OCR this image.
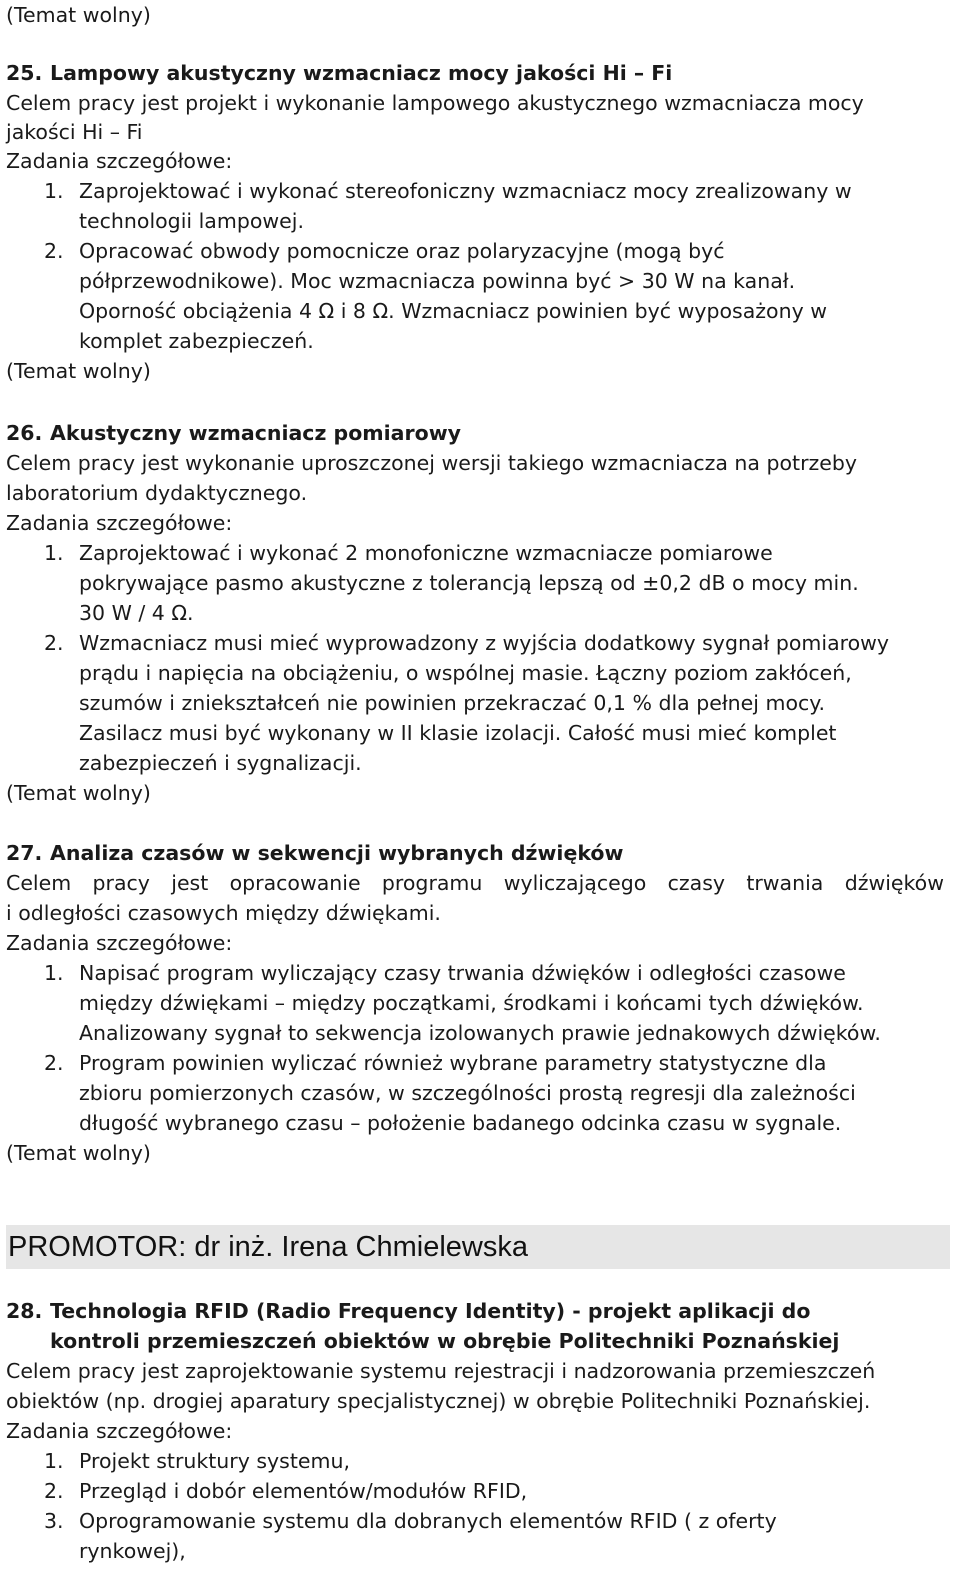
(Temat wolny)
25. Lampowy akustyczny wzmacniacz mocy jakości Hi – Fi
Celem pracy jest projekt i wykonanie lampowego akustycznego wzmacniacza mocy
jakości Hi – Fi
Zadania szczegółowe:
1. Zaprojektować i wykonać stereofoniczny wzmacniacz mocy zrealizowany w
technologii lampowej.
2. Opracować obwody pomocnicze oraz polaryzacyjne (mogą być
półprzewodnikowe). Moc wzmacniacza powinna być > 30 W na kanał.
Oporność obciążenia 4 Ω i 8 Ω. Wzmacniacz powinien być wyposażony w
komplet zabezpieczeń.
(Temat wolny)
26. Akustyczny wzmacniacz pomiarowy
Celem pracy jest wykonanie uproszczonej wersji takiego wzmacniacza na potrzeby
laboratorium dydaktycznego.
Zadania szczegółowe:
1. Zaprojektować i wykonać 2 monofoniczne wzmacniacze pomiarowe
pokrywające pasmo akustyczne z tolerancją lepszą od ±0,2 dB o mocy min.
30 W / 4 Ω.
2. Wzmacniacz musi mieć wyprowadzony z wyjścia dodatkowy sygnał pomiarowy
prądu i napięcia na obciążeniu, o wspólnej masie. Łączny poziom zakłóceń,
szumów i zniekształceń nie powinien przekraczać 0,1 % dla pełnej mocy.
Zasilacz musi być wykonany w II klasie izolacji. Całość musi mieć komplet
zabezpieczeń i sygnalizacji.
(Temat wolny)
27. Analiza czasów w sekwencji wybranych dźwięków
Celem pracy jest opracowanie programu wyliczającego czasy trwania dźwięków
i odległości czasowych między dźwiękami.
Zadania szczegółowe:
1. Napisać program wyliczający czasy trwania dźwięków i odległości czasowe
między dźwiękami – między początkami, środkami i końcami tych dźwięków.
Analizowany sygnał to sekwencja izolowanych prawie jednakowych dźwięków.
2. Program powinien wyliczać również wybrane parametry statystyczne dla
zbioru pomierzonych czasów, w szczególności prostą regresji dla zależności
długość wybranego czasu – położenie badanego odcinka czasu w sygnale.
(Temat wolny)
PROMOTOR: dr inż. Irena Chmielewska
28. Technologia RFID (Radio Frequency Identity) - projekt aplikacji do
kontroli przemieszczeń obiektów w obrębie Politechniki Poznańskiej
Celem pracy jest zaprojektowanie systemu rejestracji i nadzorowania przemieszczeń
obiektów (np. drogiej aparatury specjalistycznej) w obrębie Politechniki Poznańskiej.
Zadania szczegółowe:
1. Projekt struktury systemu,
2. Przegląd i dobór elementów/modułów RFID,
3. Oprogramowanie systemu dla dobranych elementów RFID ( z oferty
rynkowej),
